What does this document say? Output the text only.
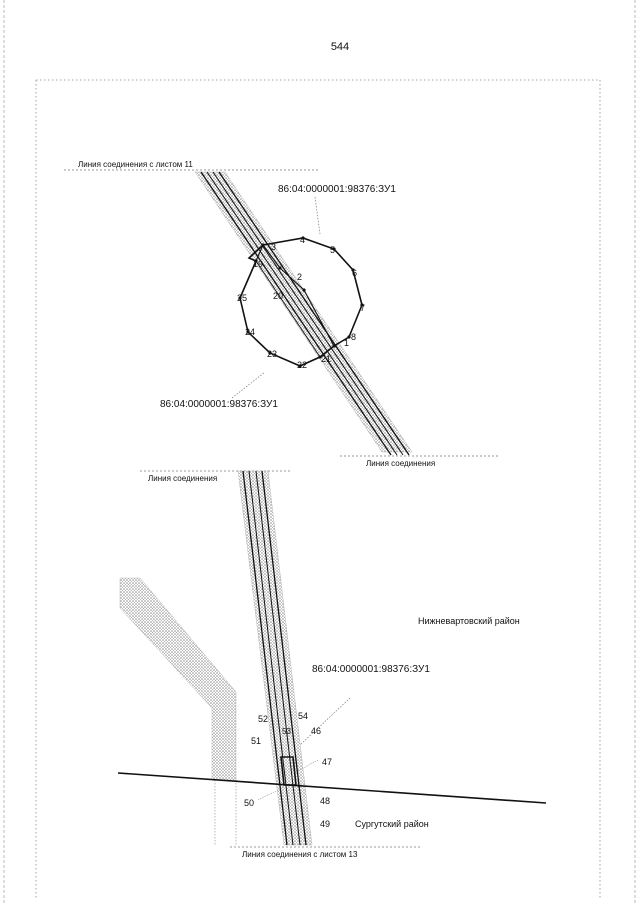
544
Линия соединения с листом 11
1
2
3
4
5
6
7
8
19
20
21
22
23
24
25
86:04:0000001:98376:ЗУ1
86:04:0000001:98376:ЗУ1
Линия соединения
Линия соединения
Нижневартовский район
Сургутский район
86:04:0000001:98376:ЗУ1
46
47
48
49
50
51
52
53
54
Линия соединения с листом 13
